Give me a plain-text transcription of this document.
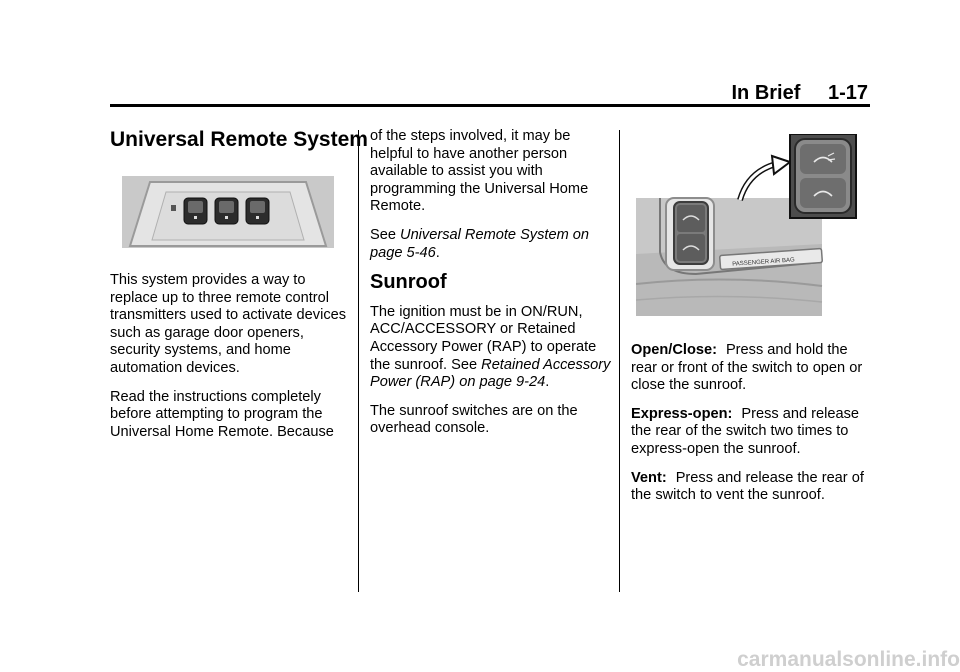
In Brief 1-17
Universal Remote System

This system provides a way to replace up to three remote control transmitters used to activate devices such as garage door openers, security systems, and home automation devices.

Read the instructions completely before attempting to program the Universal Home Remote. Because

of the steps involved, it may be helpful to have another person available to assist you with programming the Universal Home Remote.

See Universal Remote System on page 5-46.

Sunroof

The ignition must be in ON/RUN, ACC/ACCESSORY or Retained Accessory Power (RAP) to operate the sunroof. See Retained Accessory Power (RAP) on page 9-24.

The sunroof switches are on the overhead console.

PASSENGER AIR BAG

Open/Close: Press and hold the rear or front of the switch to open or close the sunroof.

Express-open: Press and release the rear of the switch two times to express-open the sunroof.

Vent: Press and release the rear of the switch to vent the sunroof.

carmanualsonline.info
